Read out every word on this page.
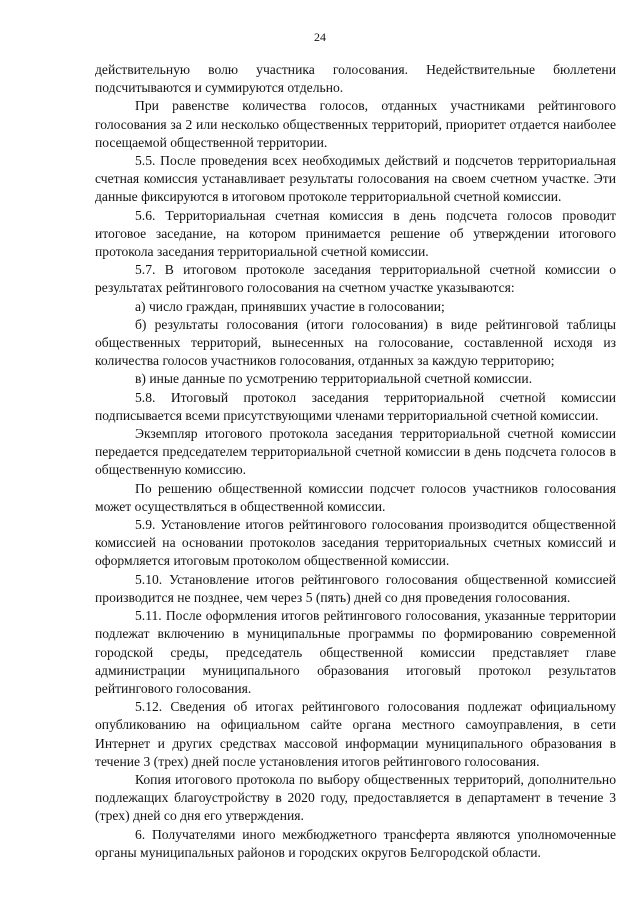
24

действительную волю участника голосования. Недействительные бюллетени подсчитываются и суммируются отдельно.

При равенстве количества голосов, отданных участниками рейтингового голосования за 2 или несколько общественных территорий, приоритет отдается наиболее посещаемой общественной территории.

5.5. После проведения всех необходимых действий и подсчетов территориальная счетная комиссия устанавливает результаты голосования на своем счетном участке. Эти данные фиксируются в итоговом протоколе территориальной счетной комиссии.

5.6. Территориальная счетная комиссия в день подсчета голосов проводит итоговое заседание, на котором принимается решение об утверждении итогового протокола заседания территориальной счетной комиссии.

5.7. В итоговом протоколе заседания территориальной счетной комиссии о результатах рейтингового голосования на счетном участке указываются:

а) число граждан, принявших участие в голосовании;

б) результаты голосования (итоги голосования) в виде рейтинговой таблицы общественных территорий, вынесенных на голосование, составленной исходя из количества голосов участников голосования, отданных за каждую территорию;

в) иные данные по усмотрению территориальной счетной комиссии.

5.8. Итоговый протокол заседания территориальной счетной комиссии подписывается всеми присутствующими членами территориальной счетной комиссии.

Экземпляр итогового протокола заседания территориальной счетной комиссии передается председателем территориальной счетной комиссии в день подсчета голосов в общественную комиссию.

По решению общественной комиссии подсчет голосов участников голосования может осуществляться в общественной комиссии.

5.9. Установление итогов рейтингового голосования производится общественной комиссией на основании протоколов заседания территориальных счетных комиссий и оформляется итоговым протоколом общественной комиссии.

5.10. Установление итогов рейтингового голосования общественной комиссией производится не позднее, чем через 5 (пять) дней со дня проведения голосования.

5.11. После оформления итогов рейтингового голосования, указанные территории подлежат включению в муниципальные программы по формированию современной городской среды, председатель общественной комиссии представляет главе администрации муниципального образования итоговый протокол результатов рейтингового голосования.

5.12. Сведения об итогах рейтингового голосования подлежат официальному опубликованию на официальном сайте органа местного самоуправления, в сети Интернет и других средствах массовой информации муниципального образования в течение 3 (трех) дней после установления итогов рейтингового голосования.

Копия итогового протокола по выбору общественных территорий, дополнительно подлежащих благоустройству в 2020 году, предоставляется в департамент в течение 3 (трех) дней со дня его утверждения.

6. Получателями иного межбюджетного трансферта являются уполномоченные органы муниципальных районов и городских округов Белгородской области.
